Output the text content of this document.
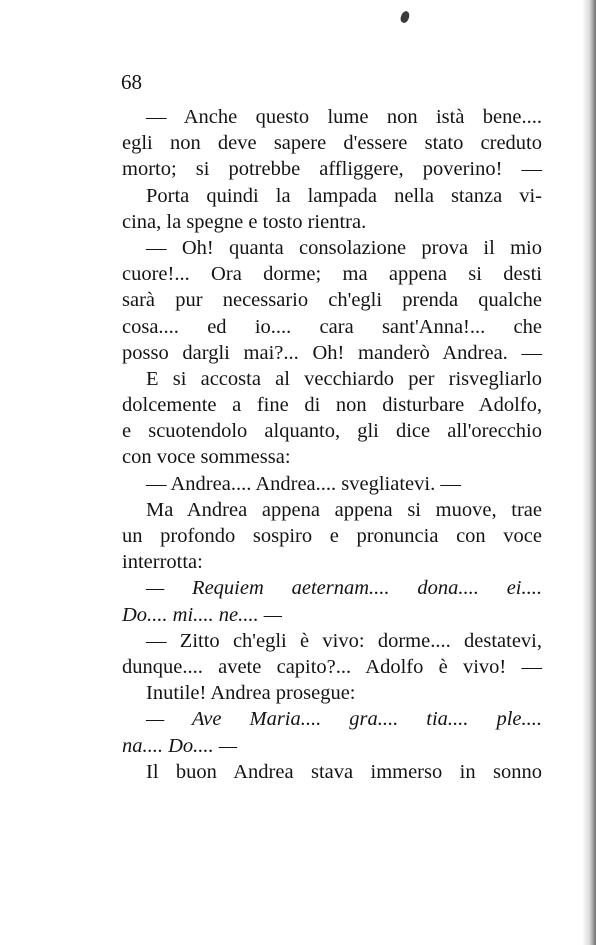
68
— Anche questo lume non istà bene....
egli non deve sapere d'essere stato creduto
morto; si potrebbe affliggere, poverino! —
Porta quindi la lampada nella stanza vi-
cina, la spegne e tosto rientra.
— Oh! quanta consolazione prova il mio
cuore!... Ora dorme; ma appena si desti
sarà pur necessario ch'egli prenda qualche
cosa.... ed io.... cara sant'Anna!... che
posso dargli mai?... Oh! manderò Andrea. —
E si accosta al vecchiardo per risvegliarlo
dolcemente a fine di non disturbare Adolfo,
e scuotendolo alquanto, gli dice all'orecchio
con voce sommessa:
— Andrea.... Andrea.... svegliatevi. —
Ma Andrea appena appena si muove, trae
un profondo sospiro e pronuncia con voce
interrotta:
— Requiem aeternam.... dona.... ei....
Do.... mi.... ne.... —
— Zitto ch'egli è vivo: dorme.... destatevi,
dunque.... avete capito?... Adolfo è vivo! —
Inutile! Andrea prosegue:
— Ave Maria.... gra.... tia.... ple....
na.... Do.... —
Il buon Andrea stava immerso in sonno
